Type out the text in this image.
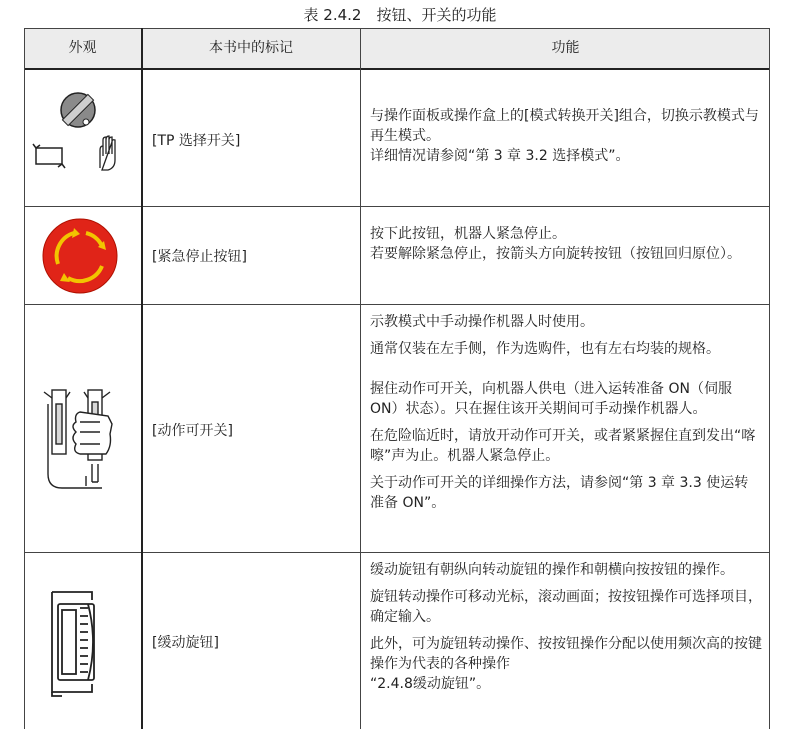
表 2.4.2　按钮、开关的功能
外观	本书中的标记	功能
[TP 选择开关]

与操作面板或操作盒上的[模式转换开关]组合，切换示教模式与再生模式。

详细情况请参阅“第 3 章 3.2 选择模式”。

[紧急停止按钮]

按下此按钮，机器人紧急停止。

若要解除紧急停止，按箭头方向旋转按钮（按钮回归原位）。

[动作可开关]

示教模式中手动操作机器人时使用。

通常仅装在左手侧，作为选购件，也有左右均装的规格。

握住动作可开关，向机器人供电（进入运转准备 ON（伺服 ON）状态）。只在握住该开关期间可手动操作机器人。

在危险临近时，请放开动作可开关，或者紧紧握住直到发出“喀嚓”声为止。机器人紧急停止。

关于动作可开关的详细操作方法，请参阅“第 3 章 3.3 使运转准备 ON”。

[缓动旋钮]

缓动旋钮有朝纵向转动旋钮的操作和朝横向按按钮的操作。

旋钮转动操作可移动光标，滚动画面；按按钮操作可选择项目，确定输入。

此外，可为旋钮转动操作、按按钮操作分配以使用频次高的按键操作为代表的各种操作

“2.4.8缓动旋钮”。
